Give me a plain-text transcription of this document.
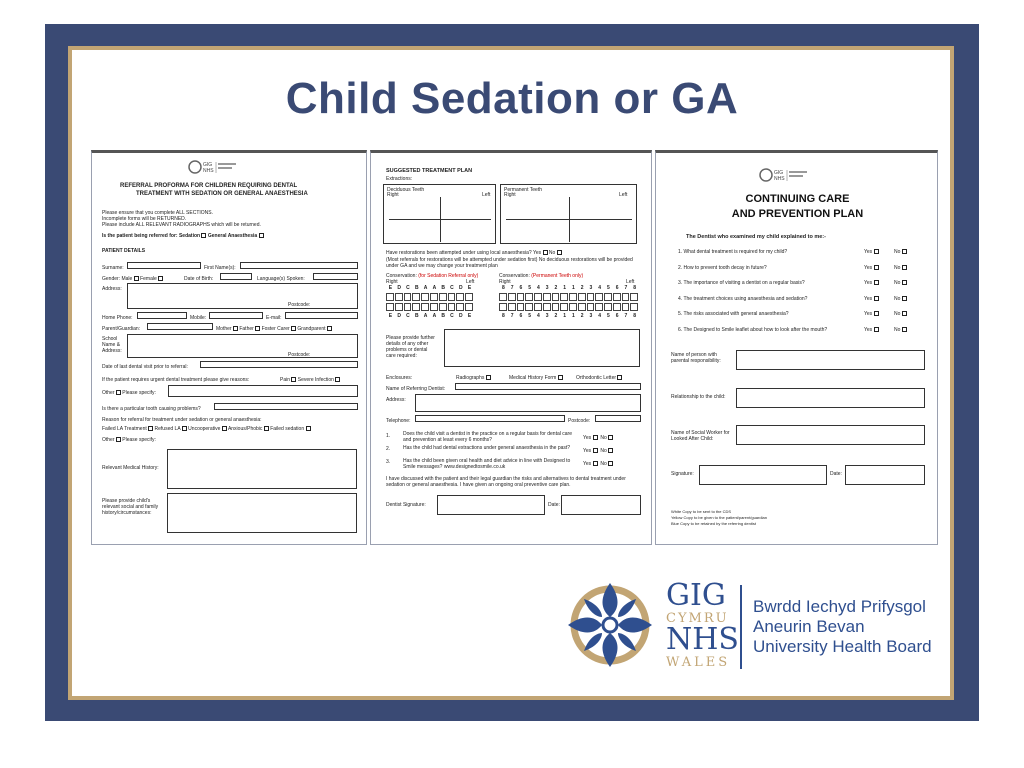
Child Sedation or GA
GIG
NHS
REFERRAL PROFORMA FOR CHILDREN REQUIRING DENTAL
TREATMENT WITH SEDATION OR GENERAL ANAESTHESIA
Please ensure that you complete ALL SECTIONS.
Incomplete forms will be RETURNED.
Please include ALL RELEVANT RADIOGRAPHS which will be returned.
Is the patient being referred for: Sedation General Anaesthesia
PATIENT DETAILS
Surname:	First Name(s):
Gender: Male Female	Date of Birth:	Language(s) Spoken:
Address:
Postcode:
Home Phone:	Mobile:	E-mail:
Parent/Guardian:	Mother Father Foster Carer Grandparent
School Name & Address:
Postcode:
Date of last dental visit prior to referral:
If the patient requires urgent dental treatment please give reasons:	Pain Severe Infection
Other Please specify:
Is there a particular tooth causing problems?
Reason for referral for treatment under sedation or general anaesthesia:
Failed LA Treatment Refused LA Uncooperative Anxious/Phobic Failed sedation
Other Please specify:
Relevant Medical History:
Please provide child's relevant social and family history/circumstances:
SUGGESTED TREATMENT PLAN
Extractions:
Deciduous Teeth
Right	Left
Permanent Teeth
Right	Left
Have restorations been attempted under using local anaesthesia? Yes No
(Most referrals for restorations will be attempted under sedation first) No deciduous restorations will be provided under GA and we may change your treatment plan
Conservation: (for Sedation Referral only)	Conservation: (Permanent Teeth only)
Right	Left	Right	Left
E	D	C	B	A	A	B	C	D	E
E	D	C	B	A	A	B	C	D	E
8	7	6	5	4	3	2	1	1	2	3	4	5	6	7	8
8	7	6	5	4	3	2	1	1	2	3	4	5	6	7	8
Please provide further details of any other problems or dental care required:
Enclosures:	Radiographs	Medical History Form	Orthodontic Letter
Name of Referring Dentist:
Address:
Telephone:	Postcode:
1.	Does the child visit a dentist in the practice on a regular basis for dental care and prevention at least every 6 months?	Yes No
2.	Has the child had dental extractions under general anaesthesia in the past?	Yes No
3.	Has the child been given oral health and diet advice in line with Designed to Smile messages? www.designedtosmile.co.uk	Yes No
I have discussed with the patient and their legal guardian the risks and alternatives to dental treatment under sedation or general anaesthesia. I have given an ongoing oral preventive care plan.
Dentist Signature:	Date:
GIG
NHS
CONTINUING CARE
AND PREVENTION PLAN
The Dentist who examined my child explained to me:-
1. What dental treatment is required for my child?	Yes	No
2. How to prevent tooth decay in future?	Yes	No
3. The importance of visiting a dentist on a regular basis?	Yes	No
4. The treatment choices using anaesthesia and sedation?	Yes	No
5. The risks associated with general anaesthesia?	Yes	No
6. The Designed to Smile leaflet about how to look after the mouth?	Yes	No
Name of person with parental responsibility:
Relationship to the child:
Name of Social Worker for Looked After Child:
Signature:	Date:
White Copy to be sent to the CDS
Yellow Copy to be given to the patient/parent/guardian
Blue Copy to be retained by the referring dentist
GIG
CYMRU
NHS
WALES
Bwrdd Iechyd Prifysgol
Aneurin Bevan
University Health Board
